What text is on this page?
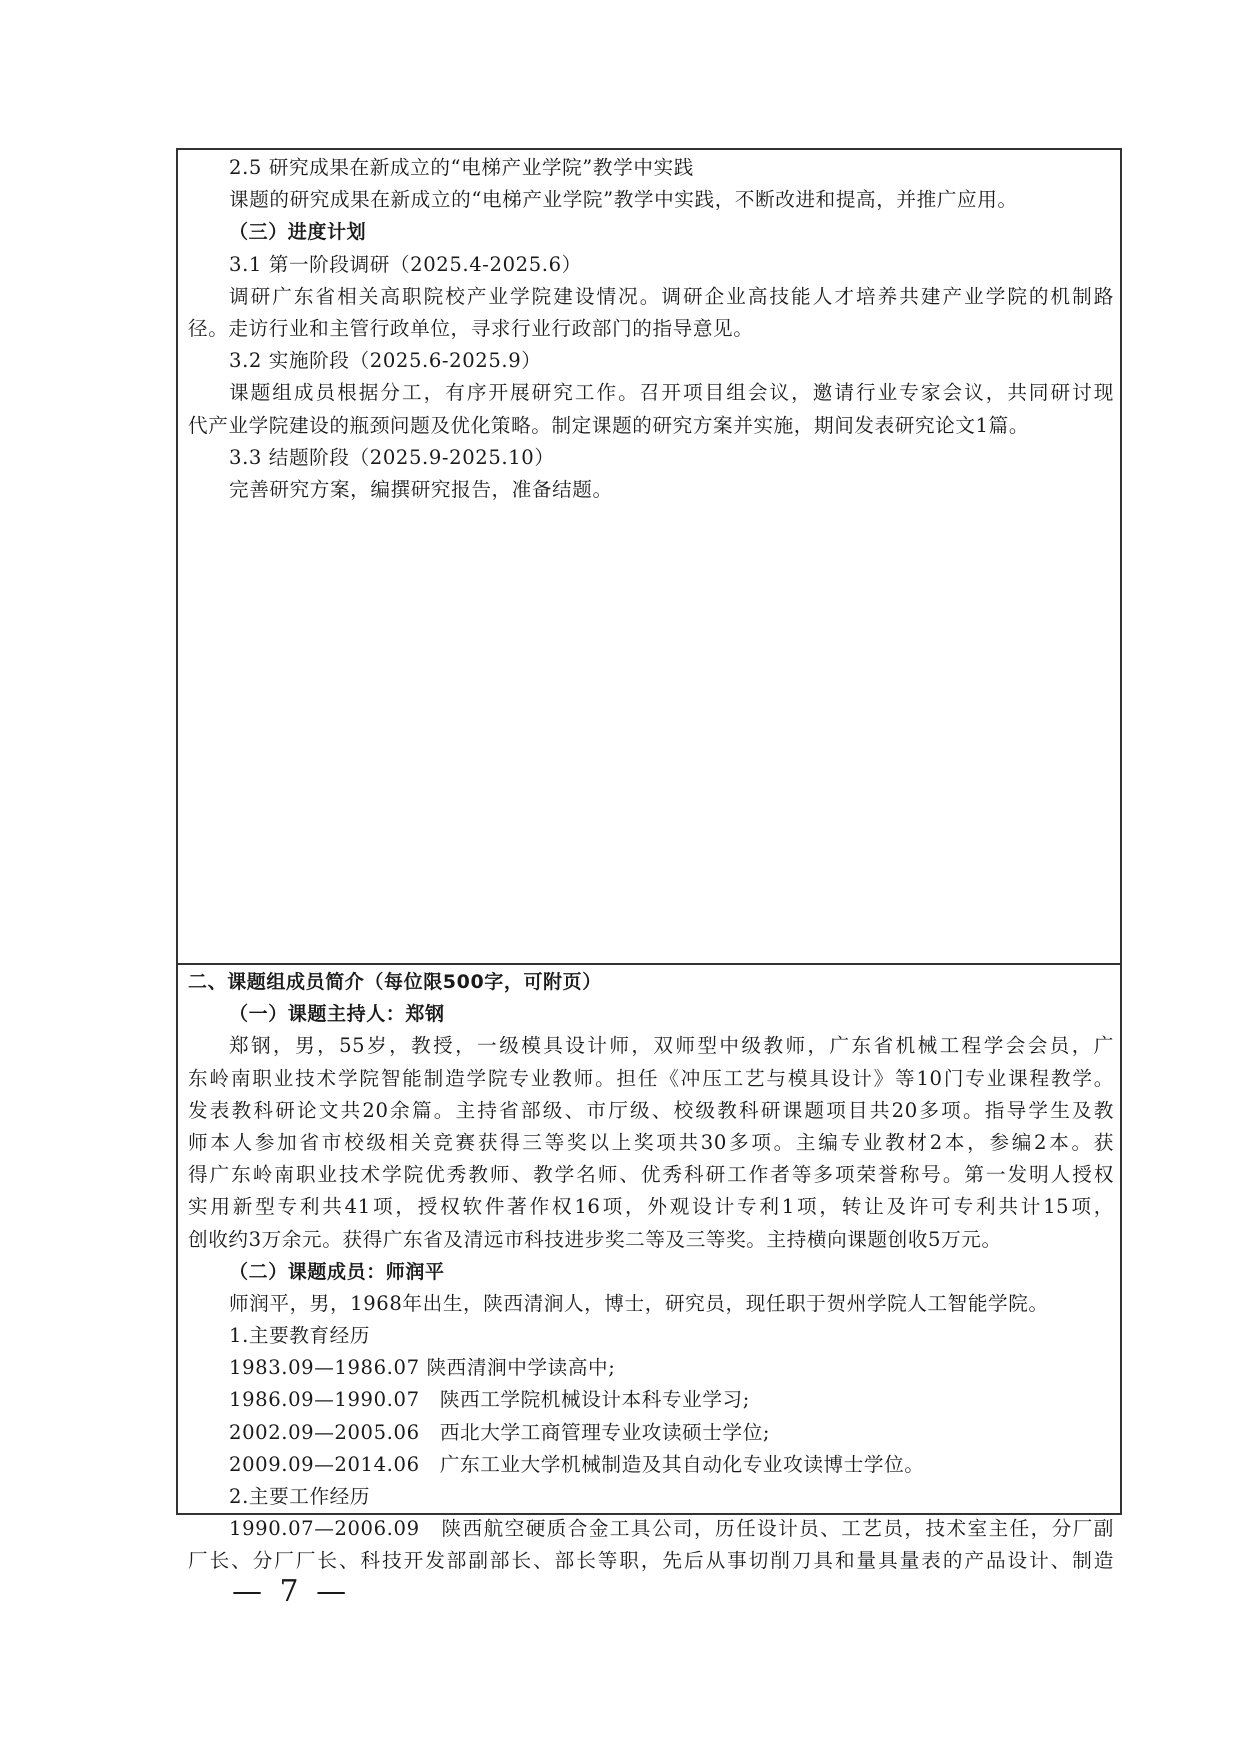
2.5 研究成果在新成立的“电梯产业学院”教学中实践
课题的研究成果在新成立的“电梯产业学院”教学中实践，不断改进和提高，并推广应用。
（三）进度计划
3.1 第一阶段调研（2025.4-2025.6）
调研广东省相关高职院校产业学院建设情况。调研企业高技能人才培养共建产业学院的机制路
径。走访行业和主管行政单位，寻求行业行政部门的指导意见。
3.2 实施阶段（2025.6-2025.9）
课题组成员根据分工，有序开展研究工作。召开项目组会议，邀请行业专家会议，共同研讨现
代产业学院建设的瓶颈问题及优化策略。制定课题的研究方案并实施，期间发表研究论文1篇。
3.3 结题阶段（2025.9-2025.10）
完善研究方案，编撰研究报告，准备结题。
二、课题组成员简介（每位限500字，可附页）
（一）课题主持人：郑钢
郑钢，男，55岁，教授，一级模具设计师，双师型中级教师，广东省机械工程学会会员，广
东岭南职业技术学院智能制造学院专业教师。担任《冲压工艺与模具设计》等10门专业课程教学。
发表教科研论文共20余篇。主持省部级、市厅级、校级教科研课题项目共20多项。指导学生及教
师本人参加省市校级相关竞赛获得三等奖以上奖项共30多项。主编专业教材2本，参编2本。获
得广东岭南职业技术学院优秀教师、教学名师、优秀科研工作者等多项荣誉称号。第一发明人授权
实用新型专利共41项，授权软件著作权16项，外观设计专利1项，转让及许可专利共计15项，
创收约3万余元。获得广东省及清远市科技进步奖二等及三等奖。主持横向课题创收5万元。
（二）课题成员：师润平
师润平，男，1968年出生，陕西清涧人，博士，研究员，现任职于贺州学院人工智能学院。
1.主要教育经历
1983.09—1986.07 陕西清涧中学读高中;
1986.09—1990.07　陕西工学院机械设计本科专业学习;
2002.09—2005.06　西北大学工商管理专业攻读硕士学位;
2009.09—2014.06　广东工业大学机械制造及其自动化专业攻读博士学位。
2.主要工作经历
1990.07—2006.09　陕西航空硬质合金工具公司，历任设计员、工艺员，技术室主任，分厂副
厂长、分厂厂长、科技开发部副部长、部长等职，先后从事切削刀具和量具量表的产品设计、制造
— 7 —
